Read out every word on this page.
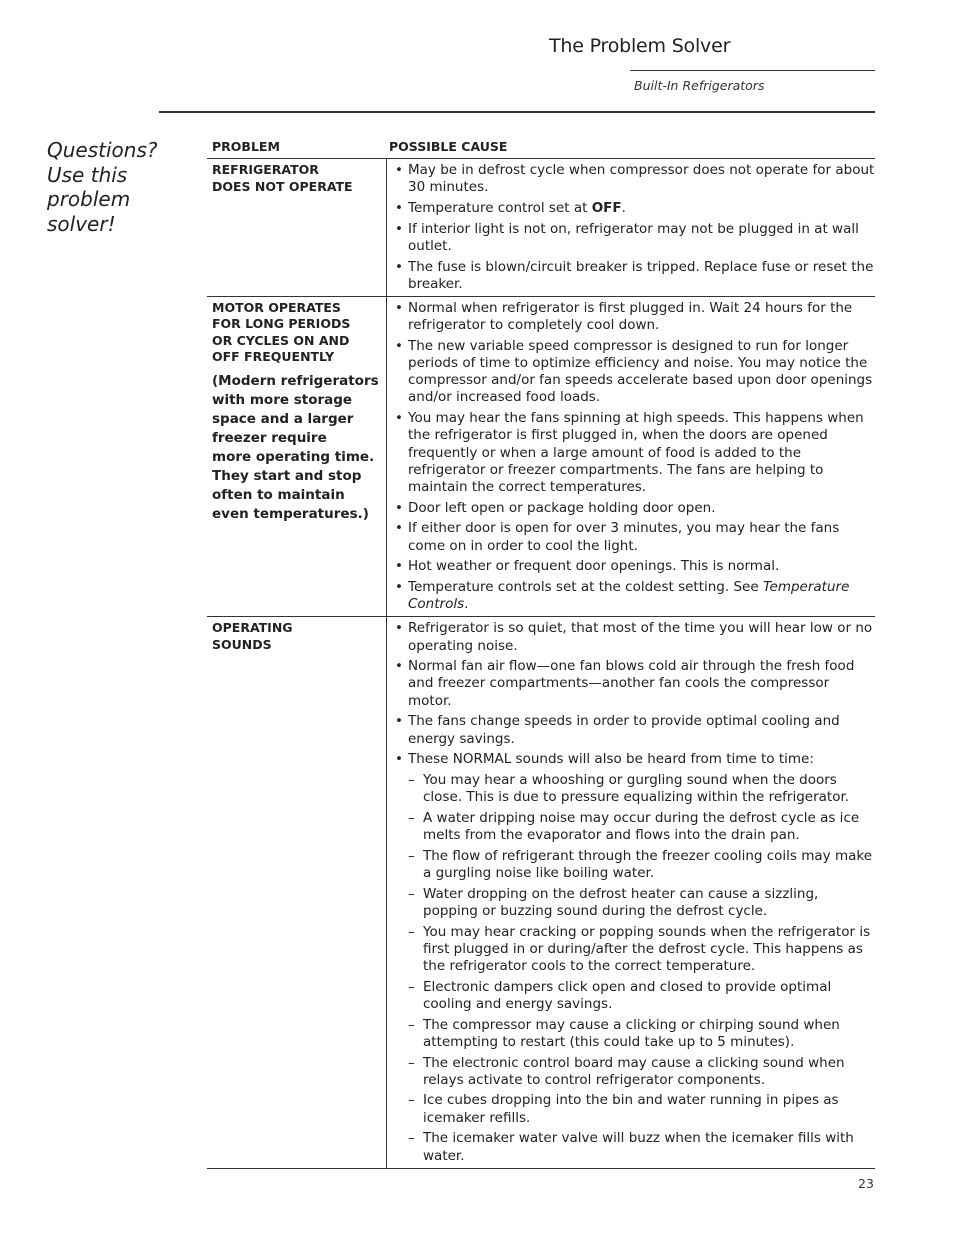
The Problem Solver
Built-In Refrigerators
Questions?
Use this
problem
solver!
PROBLEM	POSSIBLE CAUSE
REFRIGERATOR
DOES NOT OPERATE
• May be in defrost cycle when compressor does not operate for about 30 minutes.
• Temperature control set at OFF.
• If interior light is not on, refrigerator may not be plugged in at wall outlet.
• The fuse is blown/circuit breaker is tripped. Replace fuse or reset the breaker.
MOTOR OPERATES
FOR LONG PERIODS
OR CYCLES ON AND
OFF FREQUENTLY
(Modern refrigerators
with more storage
space and a larger
freezer require
more operating time.
They start and stop
often to maintain
even temperatures.)
• Normal when refrigerator is first plugged in. Wait 24 hours for the refrigerator to completely cool down.
• The new variable speed compressor is designed to run for longer periods of time to optimize efficiency and noise. You may notice the compressor and/or fan speeds accelerate based upon door openings and/or increased food loads.
• You may hear the fans spinning at high speeds. This happens when the refrigerator is first plugged in, when the doors are opened frequently or when a large amount of food is added to the refrigerator or freezer compartments. The fans are helping to maintain the correct temperatures.
• Door left open or package holding door open.
• If either door is open for over 3 minutes, you may hear the fans come on in order to cool the light.
• Hot weather or frequent door openings. This is normal.
• Temperature controls set at the coldest setting. See Temperature Controls.
OPERATING
SOUNDS
• Refrigerator is so quiet, that most of the time you will hear low or no operating noise.
• Normal fan air flow—one fan blows cold air through the fresh food and freezer compartments—another fan cools the compressor motor.
• The fans change speeds in order to provide optimal cooling and energy savings.
• These NORMAL sounds will also be heard from time to time:
– You may hear a whooshing or gurgling sound when the doors close. This is due to pressure equalizing within the refrigerator.
– A water dripping noise may occur during the defrost cycle as ice melts from the evaporator and flows into the drain pan.
– The flow of refrigerant through the freezer cooling coils may make a gurgling noise like boiling water.
– Water dropping on the defrost heater can cause a sizzling, popping or buzzing sound during the defrost cycle.
– You may hear cracking or popping sounds when the refrigerator is first plugged in or during/after the defrost cycle. This happens as the refrigerator cools to the correct temperature.
– Electronic dampers click open and closed to provide optimal cooling and energy savings.
– The compressor may cause a clicking or chirping sound when attempting to restart (this could take up to 5 minutes).
– The electronic control board may cause a clicking sound when relays activate to control refrigerator components.
– Ice cubes dropping into the bin and water running in pipes as icemaker refills.
– The icemaker water valve will buzz when the icemaker fills with water.
23
